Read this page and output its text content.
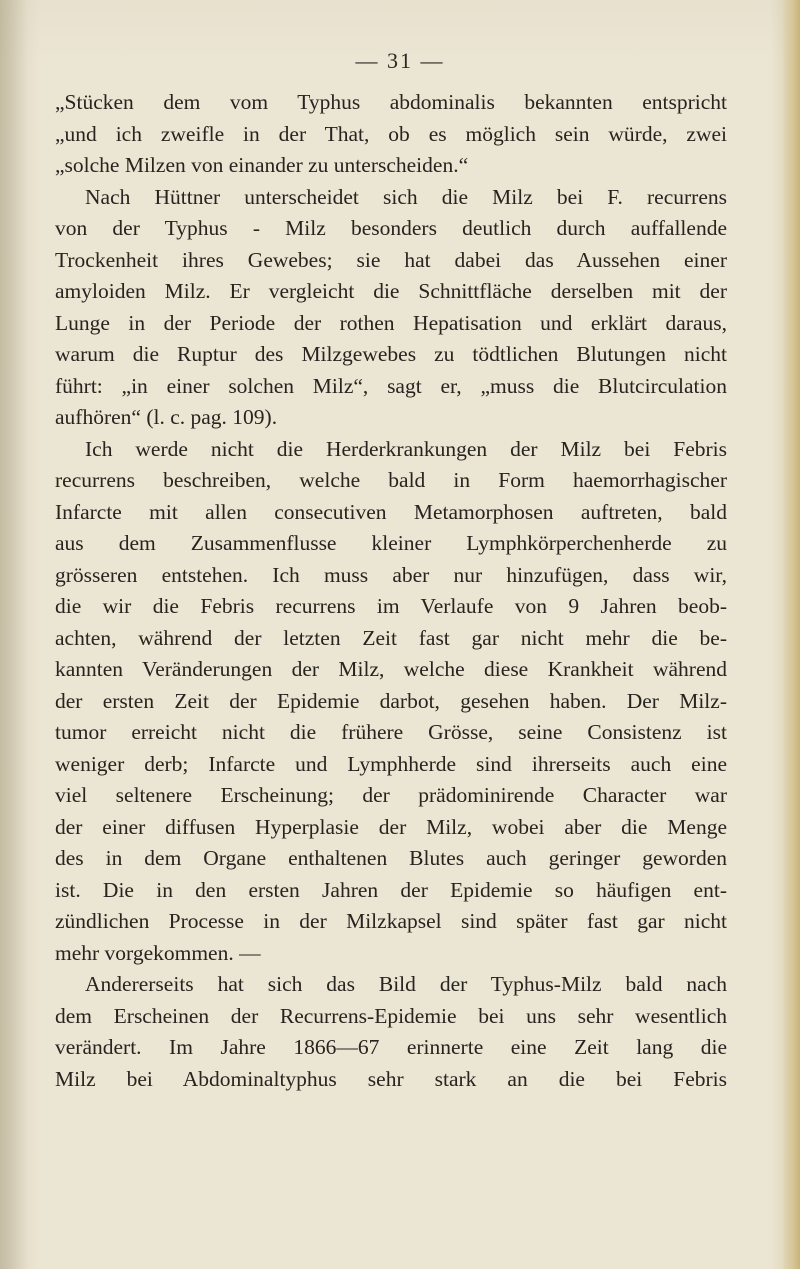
— 31 —
„Stücken dem vom Typhus abdominalis bekannten entspricht
„und ich zweifle in der That, ob es möglich sein würde, zwei
„solche Milzen von einander zu unterscheiden.“
Nach Hüttner unterscheidet sich die Milz bei F. recurrens
von der Typhus - Milz besonders deutlich durch auffallende
Trockenheit ihres Gewebes; sie hat dabei das Aussehen einer
amyloiden Milz. Er vergleicht die Schnittfläche derselben mit der
Lunge in der Periode der rothen Hepatisation und erklärt daraus,
warum die Ruptur des Milzgewebes zu tödtlichen Blutungen nicht
führt: „in einer solchen Milz“, sagt er, „muss die Blutcirculation
aufhören“ (l. c. pag. 109).
Ich werde nicht die Herderkrankungen der Milz bei Febris
recurrens beschreiben, welche bald in Form haemorrhagischer
Infarcte mit allen consecutiven Metamorphosen auftreten, bald
aus dem Zusammenflusse kleiner Lymphkörperchenherde zu
grösseren entstehen. Ich muss aber nur hinzufügen, dass wir,
die wir die Febris recurrens im Verlaufe von 9 Jahren beob-
achten, während der letzten Zeit fast gar nicht mehr die be-
kannten Veränderungen der Milz, welche diese Krankheit während
der ersten Zeit der Epidemie darbot, gesehen haben. Der Milz-
tumor erreicht nicht die frühere Grösse, seine Consistenz ist
weniger derb; Infarcte und Lymphherde sind ihrerseits auch eine
viel seltenere Erscheinung; der prädominirende Character war
der einer diffusen Hyperplasie der Milz, wobei aber die Menge
des in dem Organe enthaltenen Blutes auch geringer geworden
ist. Die in den ersten Jahren der Epidemie so häufigen ent-
zündlichen Processe in der Milzkapsel sind später fast gar nicht
mehr vorgekommen. —
Andererseits hat sich das Bild der Typhus-Milz bald nach
dem Erscheinen der Recurrens-Epidemie bei uns sehr wesentlich
verändert. Im Jahre 1866—67 erinnerte eine Zeit lang die
Milz bei Abdominaltyphus sehr stark an die bei Febris
